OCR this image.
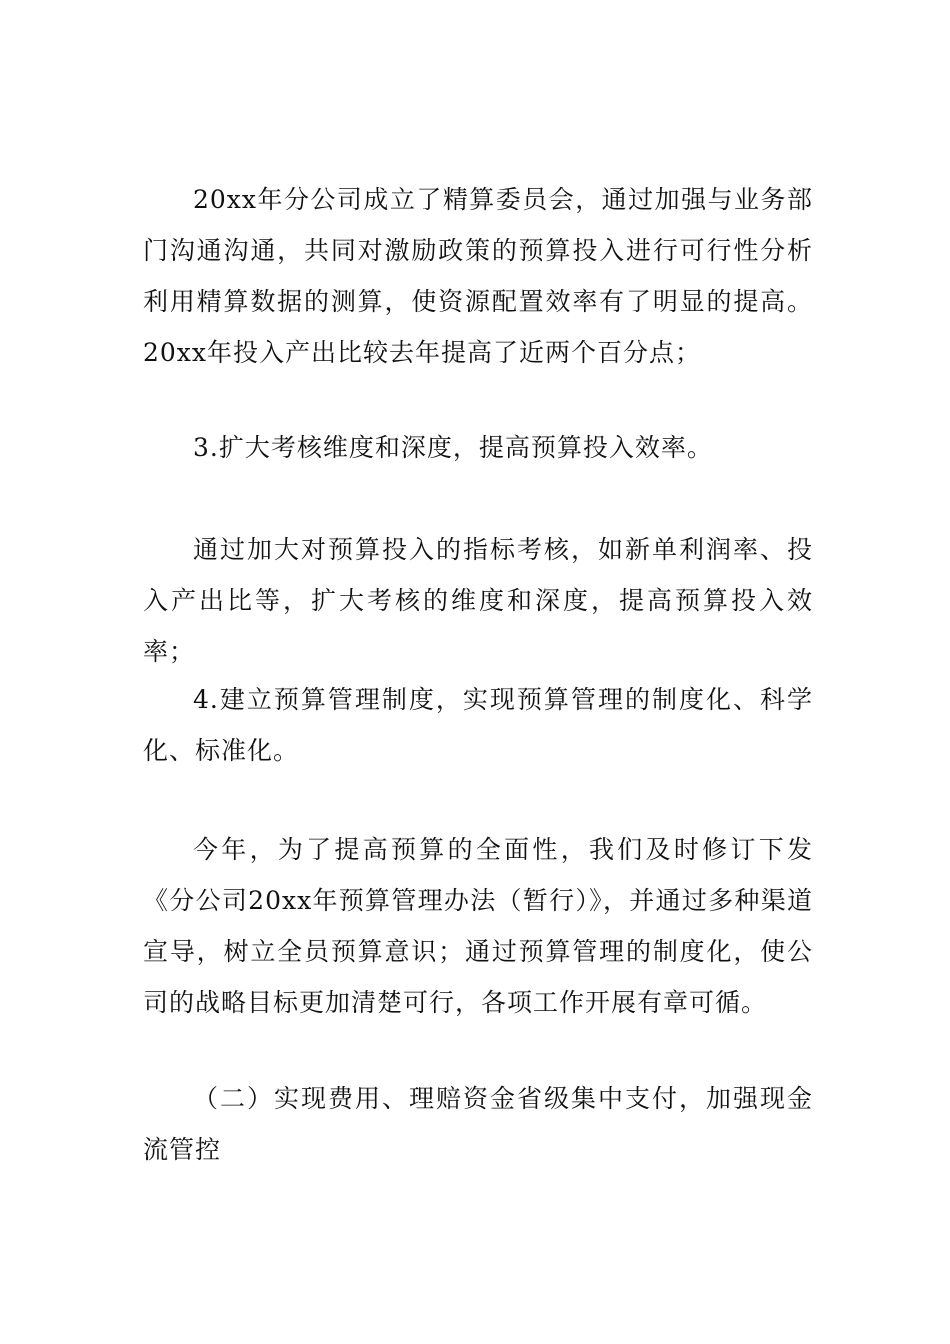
20xx年分公司成立了精算委员会，通过加强与业务部门沟通沟通，共同对激励政策的预算投入进行可行性分析利用精算数据的测算，使资源配置效率有了明显的提高。20xx年投入产出比较去年提高了近两个百分点；

3.扩大考核维度和深度，提高预算投入效率。

通过加大对预算投入的指标考核，如新单利润率、投入产出比等，扩大考核的维度和深度，提高预算投入效率；

4.建立预算管理制度，实现预算管理的制度化、科学化、标准化。

今年，为了提高预算的全面性，我们及时修订下发《分公司20xx年预算管理办法（暂行）》，并通过多种渠道宣导，树立全员预算意识；通过预算管理的制度化，使公司的战略目标更加清楚可行，各项工作开展有章可循。

（二）实现费用、理赔资金省级集中支付，加强现金流管控
